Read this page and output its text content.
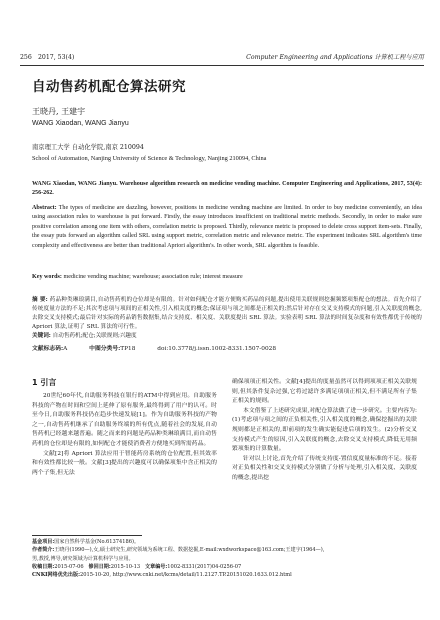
256 2017, 53(4)	Computer Engineering and Applications 计算机工程与应用
自动售药机配仓算法研究
王晓丹, 王建宇
WANG Xiaodan, WANG Jianyu
南京理工大学 自动化学院,南京 210094
School of Automation, Nanjing University of Science & Technology, Nanjing 210094, China
WANG Xiaodan, WANG Jianyu. Warehouse algorithm research on medicine vending machine. Computer Engineering and Applications, 2017, 53(4): 256-262.
Abstract: The types of medicine are dazzling, however, positions in medicine vending machine are limited. In order to buy medicine conveniently, an idea using association rules to warehouse is put forward. Firstly, the essay introduces insufficient on traditional metric methods. Secondly, in order to make sure positive correlation among one item with others, correlation metric is proposed. Thirdly, relevance metric is proposed to delete cross support item-sets. Finally, the essay puts forward an algorithm called SRL using support metric, correlation metric and relevance metric. The experiment indicates SRL algorithm's time complexity and effectiveness are better than traditional Apriori algorithm's. In other words, SRL algorithm is feasible.
Key words: medicine vending machine; warehouse; association rule; interest measure
摘 要: 药品种类琳琅满目,自动售药机的仓位却是有限的。针对如何配仓才能方便购买药品的问题,提出使用关联规则挖掘频繁项集配仓的想法。首先介绍了传统度量方法的不足;其次考虑项与项间的正相关性,引入相关度的概念;保证项与项之间都是正相关的;然后针对存在交叉支持模式的问题,引入关联度的概念,去除交叉支持模式;最后针对实际的药品销售数据集,结合支持度、相关度、关联度提出 SRL 算法。实验表明 SRL 算法的时间复杂度和有效性都优于传统的 Apriori 算法,证明了 SRL 算法的可行性。
关键词: 自动售药机;配仓;关联规则;兴趣度
文献标志码:A	中图分类号:TP18	doi:10.3778/j.issn.1002-8331.1507-0028
1 引言

20世纪60年代,自助服务科技在银行的ATM中得到应用。自助服务科技的产物在时间和空间上延伸了原有服务,最终得到了用户的认可。时至今日,自助服务科技仍在趋步快速发展[1]。作为自助服务科技的产物之一,自动售药机继承了自助服务终端的所有优点,随着社会的发展,自动售药机已经越来越普遍。随之而来的问题是药品种类琳琅满目,而自动售药机的仓位却是有限的,如何配仓才能使消费者方便地买到所需药品。

文献[2]将 Apriori 算法应用于智能药房系统的仓位配置,但其效率和有效性都比较一般。文献[3]提出的兴趣度可以确保项集中含正相关的两个子集,但无法

确保项项正相关性。文献[4]提出的度量虽然可以得到项项正相关关联规则,但其条件复杂过强,它将过滤许多满足项项正相关,但不满足所有子集正相关的规则。

本文借鉴了上述研究成果,对配仓算法做了进一步研究。主要内容为:(1)考虑项与项之间的正负相关性,引入相关度的概念,确保挖掘出的关联规则都是正相关的,即前项的发生确实能促进后项的发生。(2)分析交叉支持模式产生的原因,引入关联度的概念,去除交叉支持模式,降低无用频繁项集的计算数量。

针对以上讨论,首先介绍了传统支持度-置信度度量标准的不足。接着对正负相关性和交叉支持模式分别做了分析与处理,引入相关度、关联度的概念,提出挖

基金项目:国家自然科学基金(No.61374186)。
作者简介:王晓丹(1990—),女,硕士研究生,研究领域为系统工程、数据挖掘,E-mail:wxdworkspace@163.com;王建宇(1964—),
男,教授,博导,研究领域为计算机科学与应用。
收稿日期:2015-07-06 修回日期:2015-10-13 文章编号:1002-8331(2017)04-0256-07
CNKI网络优先出版:2015-10-20, http://www.cnki.net/kcms/detail/11.2127.TP.20151020.1633.012.html
